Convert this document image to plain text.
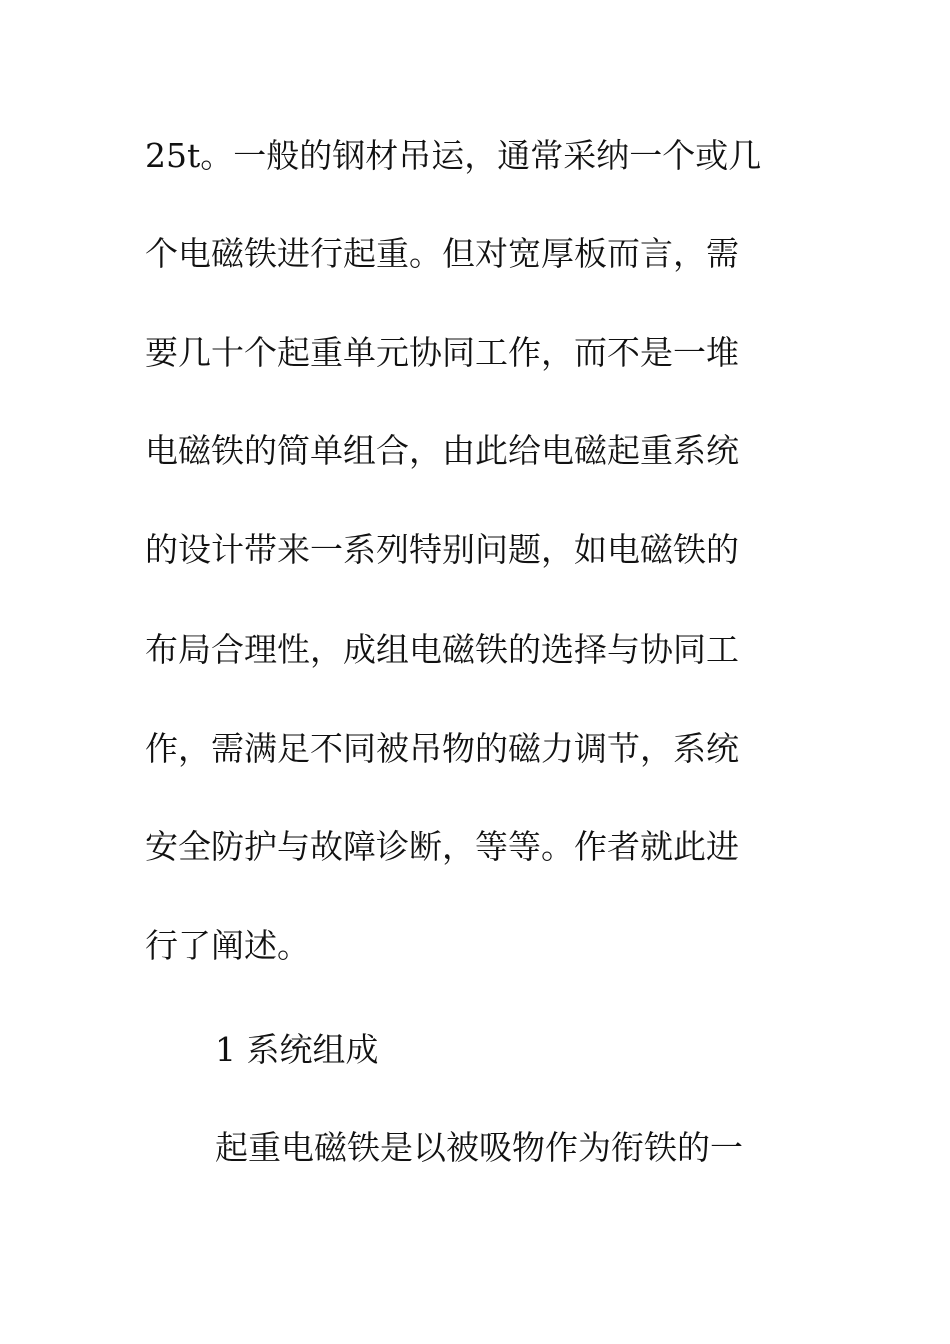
25t。一般的钢材吊运，通常采纳一个或几
个电磁铁进行起重。但对宽厚板而言，需
要几十个起重单元协同工作，而不是一堆
电磁铁的简单组合，由此给电磁起重系统
的设计带来一系列特别问题，如电磁铁的
布局合理性，成组电磁铁的选择与协同工
作，需满足不同被吊物的磁力调节，系统
安全防护与故障诊断，等等。作者就此进
行了阐述。
1 系统组成
起重电磁铁是以被吸物作为衔铁的一
